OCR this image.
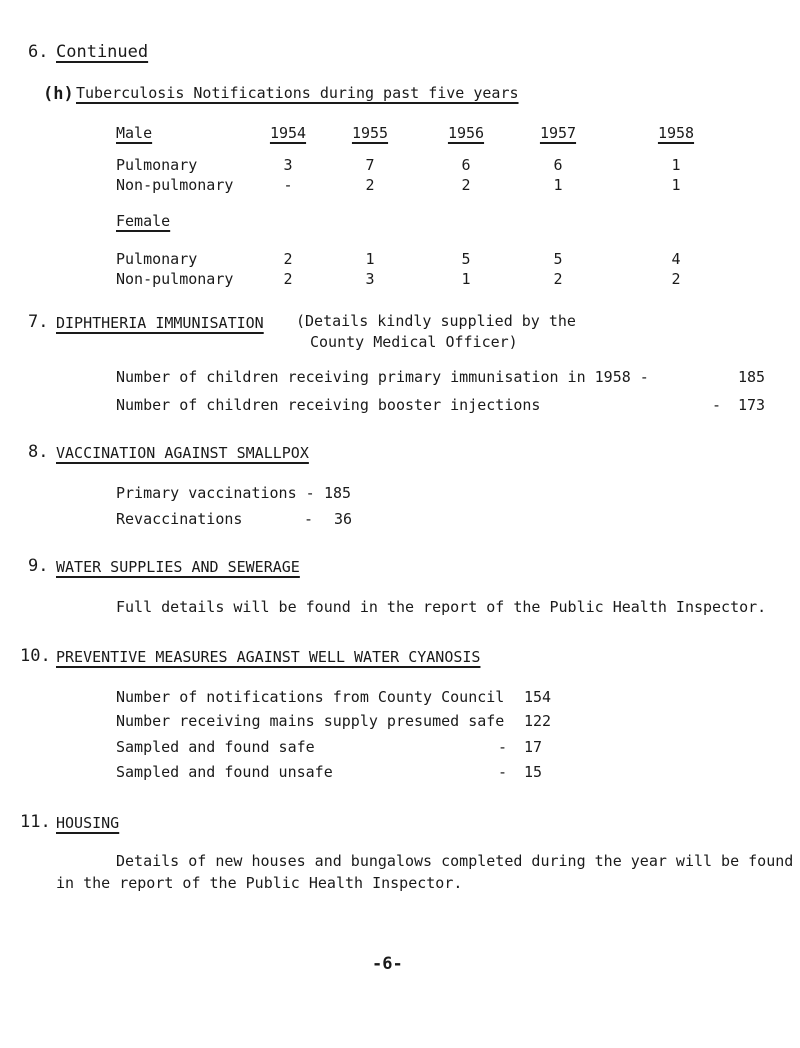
6. Continued
(h) Tuberculosis Notifications during past five years
Male	1954	1955	1956	1957	1958
Pulmonary	3	7	6	6	1
Non-pulmonary	-	2	2	1	1
Female
Pulmonary	2	1	5	5	4
Non-pulmonary	2	3	1	2	2
7. DIPHTHERIA IMMUNISATION (Details kindly supplied by the
County Medical Officer)
Number of children receiving primary immunisation in 1958 -	185
Number of children receiving booster injections	- 173
8. VACCINATION AGAINST SMALLPOX
Primary vaccinations - 185
Revaccinations	- 36
9. WATER SUPPLIES AND SEWERAGE
Full details will be found in the report of the Public Health Inspector.
10. PREVENTIVE MEASURES AGAINST WELL WATER CYANOSIS
Number of notifications from County Council 154
Number receiving mains supply presumed safe 122
Sampled and found safe	- 17
Sampled and found unsafe	- 15
11. HOUSING
Details of new houses and bungalows completed during the year will be found
in the report of the Public Health Inspector.
-6-
